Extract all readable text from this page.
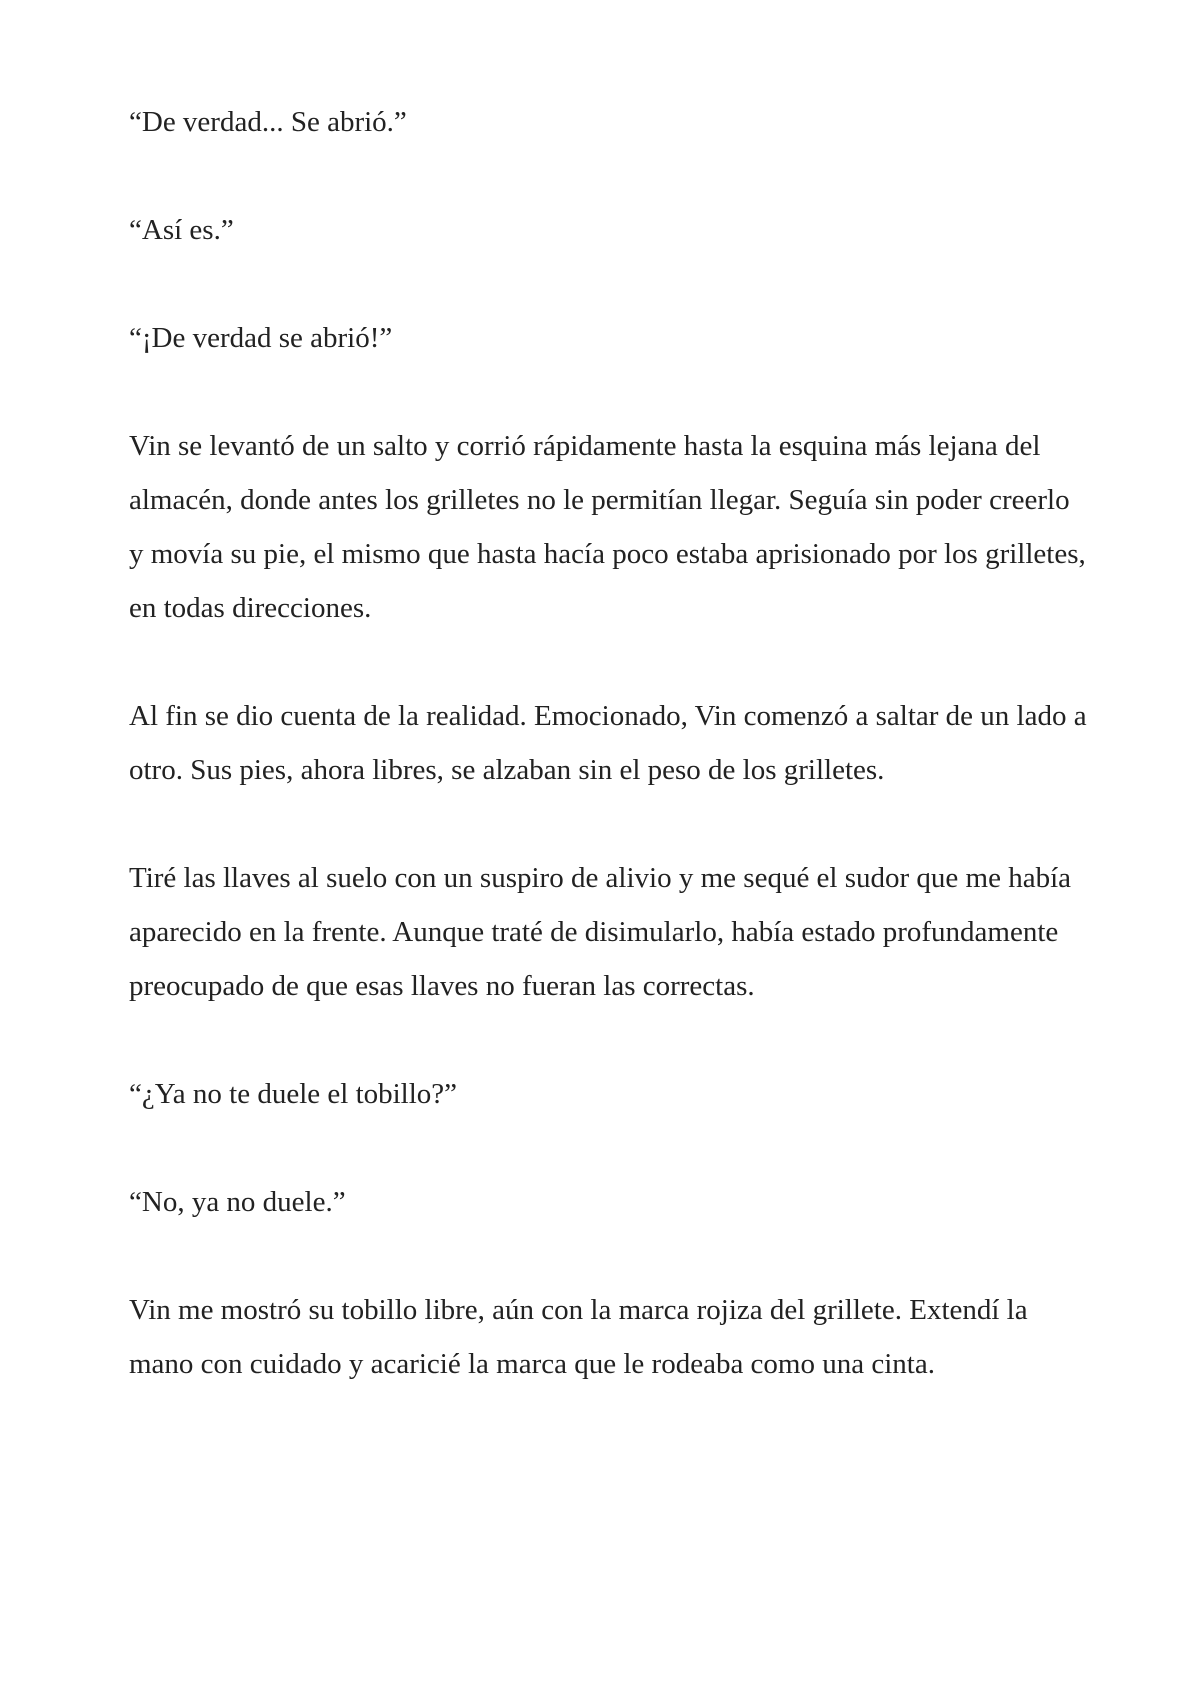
“De verdad... Se abrió.”

“Así es.”

“¡De verdad se abrió!”

Vin se levantó de un salto y corrió rápidamente hasta la esquina más lejana del almacén, donde antes los grilletes no le permitían llegar. Seguía sin poder creerlo y movía su pie, el mismo que hasta hacía poco estaba aprisionado por los grilletes, en todas direcciones.

Al fin se dio cuenta de la realidad. Emocionado, Vin comenzó a saltar de un lado a otro. Sus pies, ahora libres, se alzaban sin el peso de los grilletes.

Tiré las llaves al suelo con un suspiro de alivio y me sequé el sudor que me había aparecido en la frente. Aunque traté de disimularlo, había estado profundamente preocupado de que esas llaves no fueran las correctas.

“¿Ya no te duele el tobillo?”

“No, ya no duele.”

Vin me mostró su tobillo libre, aún con la marca rojiza del grillete. Extendí la mano con cuidado y acaricié la marca que le rodeaba como una cinta.
